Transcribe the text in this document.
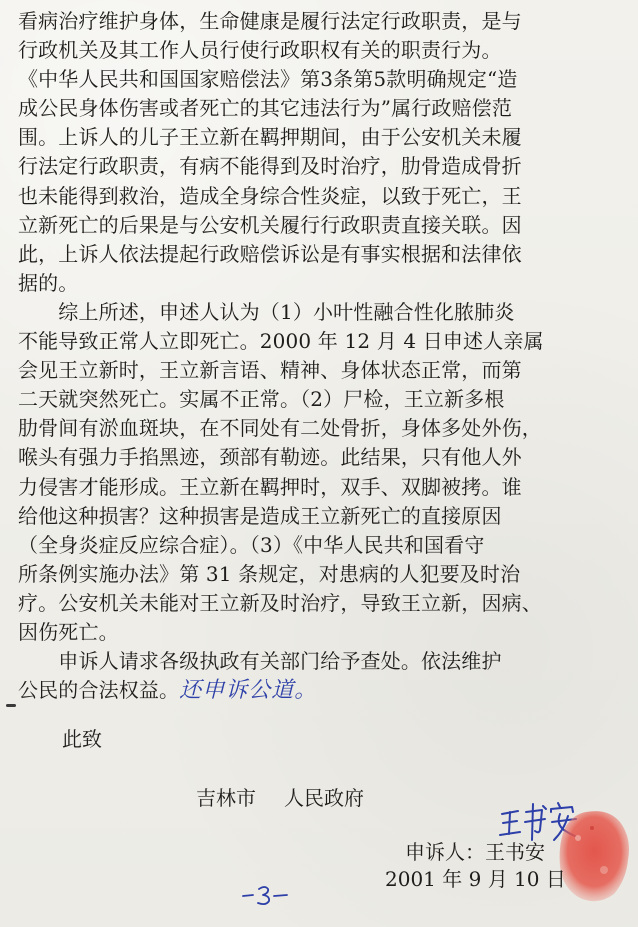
看病治疗维护身体，生命健康是履行法定行政职责，是与
行政机关及其工作人员行使行政职权有关的职责行为。
《中华人民共和国国家赔偿法》第3条第5款明确规定“造
成公民身体伤害或者死亡的其它违法行为”属行政赔偿范
围。上诉人的儿子王立新在羁押期间，由于公安机关未履
行法定行政职责，有病不能得到及时治疗，肋骨造成骨折
也未能得到救治，造成全身综合性炎症，以致于死亡，王
立新死亡的后果是与公安机关履行行政职责直接关联。因
此，上诉人依法提起行政赔偿诉讼是有事实根据和法律依
据的。
　　综上所述，申述人认为（1）小叶性融合性化脓肺炎
不能导致正常人立即死亡。2000 年 12 月 4 日申述人亲属
会见王立新时，王立新言语、精神、身体状态正常，而第
二天就突然死亡。实属不正常。（2）尸检，王立新多根
肋骨间有淤血斑块，在不同处有二处骨折，身体多处外伤，
喉头有强力手掐黑迹，颈部有勒迹。此结果，只有他人外
力侵害才能形成。王立新在羁押时，双手、双脚被拷。谁
给他这种损害？这种损害是造成王立新死亡的直接原因
（全身炎症反应综合症）。（3）《中华人民共和国看守
所条例实施办法》第 31 条规定，对患病的人犯要及时治
疗。公安机关未能对王立新及时治疗，导致王立新，因病、
因伤死亡。
　　申诉人请求各级执政有关部门给予查处。依法维护
公民的合法权益。还申诉公道。
此致
吉林市 人民政府
申诉人：王书安
2001 年 9 月 10 日
